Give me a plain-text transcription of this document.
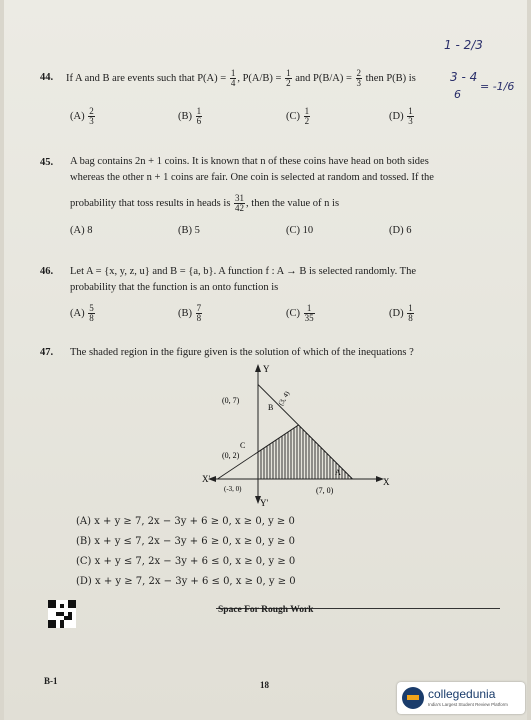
1 - 2/3
3 - 4
6
= -1/6
44. If A and B are events such that $P(A) = \frac{1}{4}$ , $P(A/B) = \frac{1}{2}$ and $P(B/A) = \frac{2}{3}$ then P(B) is
$(A) \frac{2}{3}$	$(B) \frac{1}{6}$	$(C) \frac{1}{2}$	$(D) \frac{1}{3}$
45. A bag contains 2n + 1 coins. It is known that n of these coins have head on both sides
whereas the other n + 1 coins are fair. One coin is selected at random and tossed. If the
probability that toss results in heads is $\frac{31}{42}$ , then the value of n is
(A) 8	(B) 5	(C) 10	(D) 6
46. Let A = {x, y, z, u} and B = {a, b}. A function f : A → B is selected randomly. The
probability that the function is an onto function is
$(A) \frac{5}{8}$	$(B) \frac{7}{8}$	$(C) \frac{1}{35}$	$(D) \frac{1}{8}$
47. The shaded region in the figure given is the solution of which of the inequations ?
Y
X
X'
Y'
(0, 7)
B
(3, 4)
C
(0, 2)
A
(-3, 0)	(7, 0)
(A) x + y ≥ 7, 2x − 3y + 6 ≥ 0, x ≥ 0, y ≥ 0
(B) x + y ≤ 7, 2x − 3y + 6 ≥ 0, x ≥ 0, y ≥ 0
(C) x + y ≤ 7, 2x − 3y + 6 ≤ 0, x ≥ 0, y ≥ 0
(D) x + y ≥ 7, 2x − 3y + 6 ≤ 0, x ≥ 0, y ≥ 0
Space For Rough Work
B-1	18
collegedunia
India's Largest Student Review Platform
